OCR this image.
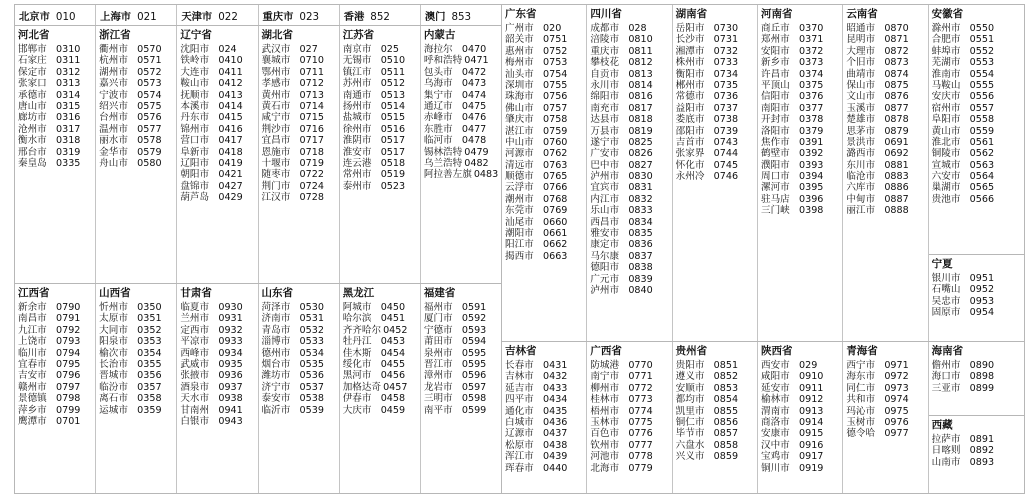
北京市 010	上海市 021	天津市 022	重庆市 023	香港 852	澳门 853
河北省
邯郸市 0310
石家庄 0311
保定市 0312
张家口 0313
承德市 0314
唐山市 0315
廊坊市 0316
沧州市 0317
衡水市 0318
邢台市 0319
秦皇岛 0335
浙江省
衢州市 0570
杭州市 0571
湖州市 0572
嘉兴市 0573
宁波市 0574
绍兴市 0575
台州市 0576
温州市 0577
丽水市 0578
金华市 0579
舟山市 0580
辽宁省
沈阳市 024
铁岭市 0410
大连市 0411
鞍山市 0412
抚顺市 0413
本溪市 0414
丹东市 0415
锦州市 0416
营口市 0417
阜新市 0418
辽阳市 0419
朝阳市 0421
盘锦市 0427
葫芦岛 0429
湖北省
武汉市 027
襄城市 0710
鄂州市 0711
孝感市 0712
黄州市 0713
黄石市 0714
咸宁市 0715
荆沙市 0716
宜昌市 0717
恩施市 0718
十堰市 0719
随枣市 0722
荆门市 0724
江汉市 0728
江苏省
南京市 025
无锡市 0510
镇江市 0511
苏州市 0512
南通市 0513
扬州市 0514
盐城市 0515
徐州市 0516
淮阴市 0517
淮安市 0517
连云港 0518
常州市 0519
泰州市 0523
内蒙古
海拉尔 0470
呼和浩特 0471
包头市 0472
乌海市 0473
集宁市 0474
通辽市 0475
赤峰市 0476
东胜市 0477
临河市 0478
锡林浩特 0479
乌兰浩特 0482
阿拉善左旗 0483
江西省
新余市 0790
南昌市 0791
九江市 0792
上饶市 0793
临川市 0794
宜春市 0795
吉安市 0796
赣州市 0797
景德镇 0798
萍乡市 0799
鹰潭市 0701
山西省
忻州市 0350
太原市 0351
大同市 0352
阳泉市 0353
榆次市 0354
长治市 0355
晋城市 0356
临汾市 0357
离石市 0358
运城市 0359
甘肃省
临夏市 0930
兰州市 0931
定西市 0932
平凉市 0933
西峰市 0934
武威市 0935
张掖市 0936
酒泉市 0937
天水市 0938
甘南州 0941
白银市 0943
山东省
菏泽市 0530
济南市 0531
青岛市 0532
淄博市 0533
德州市 0534
烟台市 0535
潍坊市 0536
济宁市 0537
泰安市 0538
临沂市 0539
黑龙江
阿城市 0450
哈尔滨 0451
齐齐哈尔 0452
牡丹江 0453
佳木斯 0454
绥化市 0455
黑河市 0456
加格达奇 0457
伊春市 0458
大庆市 0459
福建省
福州市 0591
厦门市 0592
宁德市 0593
莆田市 0594
泉州市 0595
晋江市 0595
漳州市 0596
龙岩市 0597
三明市 0598
南平市 0599
广东省
广州市 020
韶关市 0751
惠州市 0752
梅州市 0753
汕头市 0754
深圳市 0755
珠海市 0756
佛山市 0757
肇庆市 0758
湛江市 0759
中山市 0760
河源市 0762
清远市 0763
顺德市 0765
云浮市 0766
潮州市 0768
东莞市 0769
汕尾市 0660
潮阳市 0661
阳江市 0662
揭西市 0663
四川省
成都市 028
涪陵市 0810
重庆市 0811
攀枝花 0812
自贡市 0813
永川市 0814
绵阳市 0816
南充市 0817
达县市 0818
万县市 0819
遂宁市 0825
广安市 0826
巴中市 0827
泸州市 0830
宜宾市 0831
内江市 0832
乐山市 0833
西昌市 0834
雅安市 0835
康定市 0836
马尔康 0837
德阳市 0838
广元市 0839
泸州市 0840
湖南省
岳阳市 0730
长沙市 0731
湘潭市 0732
株州市 0733
衡阳市 0734
郴州市 0735
常德市 0736
益阳市 0737
娄底市 0738
邵阳市 0739
吉首市 0743
张家界 0744
怀化市 0745
永州冷 0746
河南省
商丘市 0370
郑州市 0371
安阳市 0372
新乡市 0373
许昌市 0374
平顶山 0375
信阳市 0376
南阳市 0377
开封市 0378
洛阳市 0379
焦作市 0391
鹤壁市 0392
濮阳市 0393
周口市 0394
漯河市 0395
驻马店 0396
三门峡 0398
云南省
昭通市 0870
昆明市 0871
大理市 0872
个旧市 0873
曲靖市 0874
保山市 0875
文山市 0876
玉溪市 0877
楚雄市 0878
思茅市 0879
景洪市 0691
潞西市 0692
东川市 0881
临沧市 0883
六库市 0886
中甸市 0887
丽江市 0888
安徽省
滁州市 0550
合肥市 0551
蚌埠市 0552
芜湖市 0553
淮南市 0554
马鞍山 0555
安庆市 0556
宿州市 0557
阜阳市 0558
黄山市 0559
淮北市 0561
铜陵市 0562
宣城市 0563
六安市 0564
巢湖市 0565
贵池市 0566
宁夏
银川市 0951
石嘴山 0952
吴忠市 0953
固原市 0954
吉林省
长春市 0431
吉林市 0432
延吉市 0433
四平市 0434
通化市 0435
白城市 0436
辽源市 0437
松原市 0438
浑江市 0439
珲春市 0440
广西省
防城港 0770
南宁市 0771
柳州市 0772
桂林市 0773
梧州市 0774
玉林市 0775
百色市 0776
钦州市 0777
河池市 0778
北海市 0779
贵州省
贵阳市 0851
遵义市 0852
安顺市 0853
都均市 0854
凯里市 0855
铜仁市 0856
毕节市 0857
六盘水 0858
兴义市 0859
陕西省
西安市 029
咸阳市 0910
延安市 0911
榆林市 0912
渭南市 0913
商洛市 0914
安康市 0915
汉中市 0916
宝鸡市 0917
铜川市 0919
青海省
西宁市 0971
海东市 0972
同仁市 0973
共和市 0974
玛沁市 0975
玉树市 0976
德令哈 0977
海南省
儋州市 0890
海口市 0898
三亚市 0899
西藏
拉萨市 0891
日喀则 0892
山南市 0893
